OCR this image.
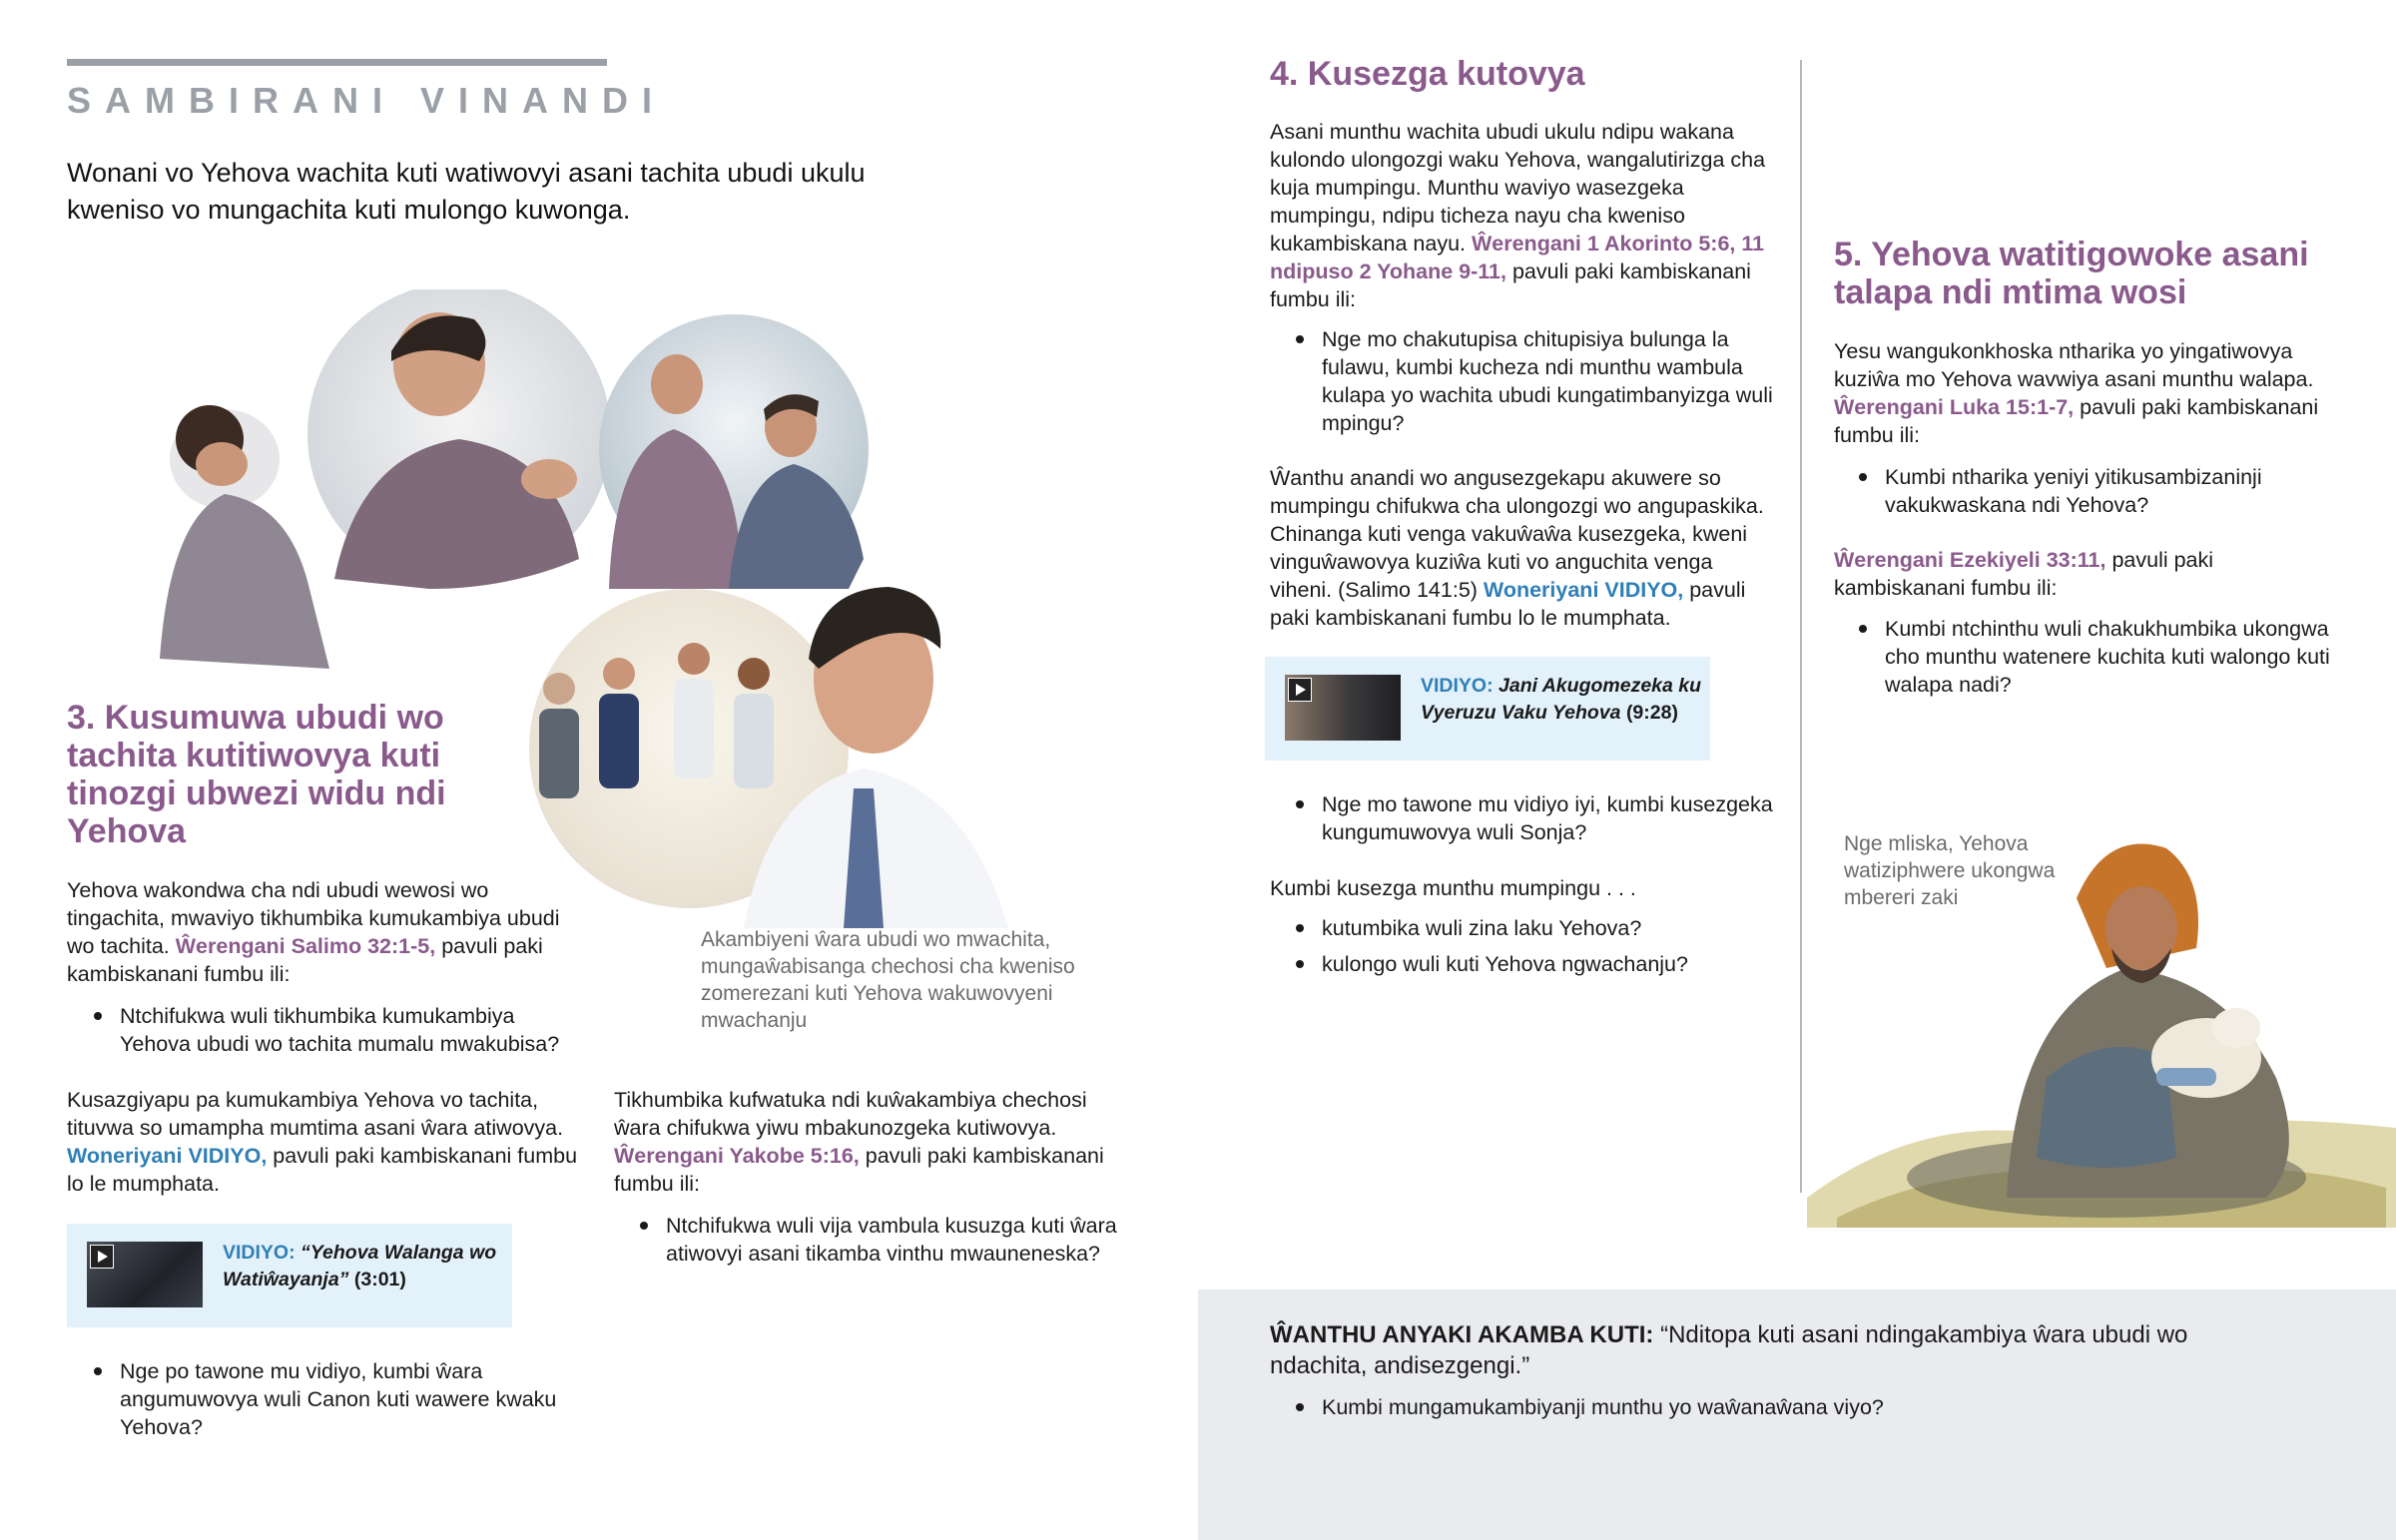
SAMBIRANI VINANDI
Wonani vo Yehova wachita kuti watiwovyi asani tachita ubudi ukulu kweniso vo mungachita kuti mulongo kuwonga.
3. Kusumuwa ubudi wo tachita kutitiwovya kuti tinozgi ubwezi widu ndi Yehova
Yehova wakondwa cha ndi ubudi wewosi wo tingachita, mwaviyo tikhumbika kumukambiya ubudi wo tachita. Ŵerengani Salimo 32:1-5, pavuli paki kambiskanani fumbu ili:
Ntchifukwa wuli tikhumbika kumukambiya Yehova ubudi wo tachita mumalu mwakubisa?
Kusazgiyapu pa kumukambiya Yehova vo tachita, tituvwa so umampha mumtima asani ŵara atiwovya. Woneriyani VIDIYO, pavuli paki kambiskanani fumbu lo le mumphata.
VIDIYO: “Yehova Walanga wo Watiŵayanja” (3:01)
Nge po tawone mu vidiyo, kumbi ŵara angumuwovya wuli Canon kuti wawere kwaku Yehova?
Akambiyeni ŵara ubudi wo mwachita, mungaŵabisanga chechosi cha kweniso zomerezani kuti Yehova wakuwovyeni mwachanju
Tikhumbika kufwatuka ndi kuŵakambiya chechosi ŵara chifukwa yiwu mbakunozgeka kutiwovya. Ŵerengani Yakobe 5:16, pavuli paki kambiskanani fumbu ili:
Ntchifukwa wuli vija vambula kusuzga kuti ŵara atiwovyi asani tikamba vinthu mwauneneska?
4. Kusezga kutovya
Asani munthu wachita ubudi ukulu ndipu wakana kulondo ulongozgi waku Yehova, wangalutirizga cha kuja mumpingu. Munthu waviyo wasezgeka mumpingu, ndipu ticheza nayu cha kweniso kukambiskana nayu. Ŵerengani 1 Akorinto 5:6, 11 ndipuso 2 Yohane 9-11, pavuli paki kambiskanani fumbu ili:
Nge mo chakutupisa chitupisiya bulunga la fulawu, kumbi kucheza ndi munthu wambula kulapa yo wachita ubudi kungatimbanyizga wuli mpingu?
Ŵanthu anandi wo angusezgekapu akuwere so mumpingu chifukwa cha ulongozgi wo angupaskika. Chinanga kuti venga vakuŵaŵa kusezgeka, kweni vinguŵawovya kuziŵa kuti vo anguchita venga viheni. (Salimo 141:5) Woneriyani VIDIYO, pavuli paki kambiskanani fumbu lo le mumphata.
VIDIYO: Jani Akugomezeka ku Vyeruzu Vaku Yehova (9:28)
Nge mo tawone mu vidiyo iyi, kumbi kusezgeka kungumuwovya wuli Sonja?
Kumbi kusezga munthu mumpingu . . .
kutumbika wuli zina laku Yehova?
kulongo wuli kuti Yehova ngwachanju?
5. Yehova watitigowoke asani talapa ndi mtima wosi
Yesu wangukonkhoska ntharika yo yingatiwovya kuziŵa mo Yehova wavwiya asani munthu walapa. Ŵerengani Luka 15:1-7, pavuli paki kambiskanani fumbu ili:
Kumbi ntharika yeniyi yitikusambizaninji vakukwaskana ndi Yehova?
Ŵerengani Ezekiyeli 33:11, pavuli paki kambiskanani fumbu ili:
Kumbi ntchinthu wuli chakukhumbika ukongwa cho munthu watenere kuchita kuti walongo kuti walapa nadi?
Nge mliska, Yehova watiziphwere ukongwa mbereri zaki
ŴANTHU ANYAKI AKAMBA KUTI: “Nditopa kuti asani ndingakambiya ŵara ubudi wo ndachita, andisezgengi.”
Kumbi mungamukambiyanji munthu yo waŵanaŵana viyo?
